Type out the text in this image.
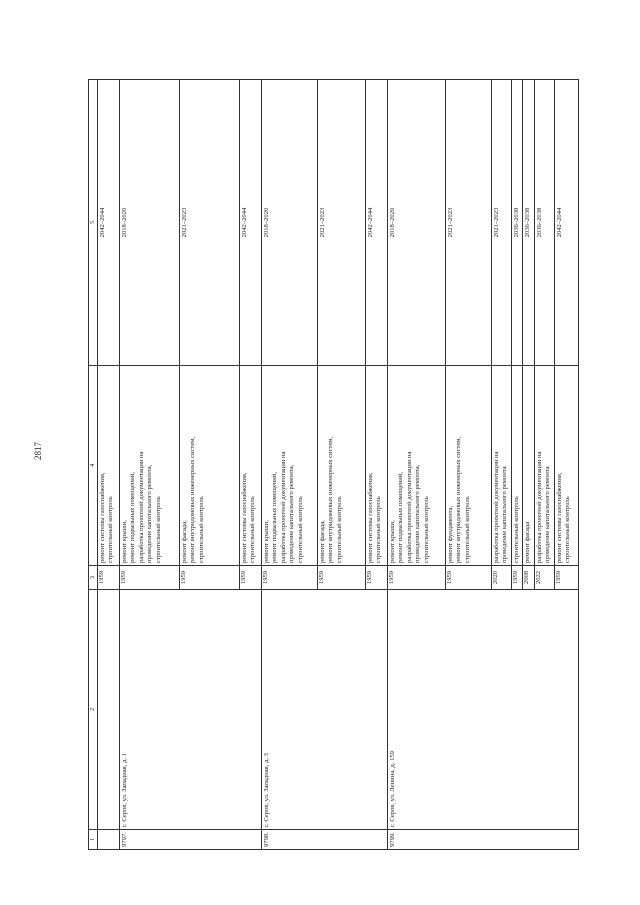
2817
1	2	3	4	5
		1959	ремонт системы газоснабжения, строительный контроль	2042–2044
9797.	г. Серов, ул. Западная, д. 1	1959	ремонт крыши, ремонт подвальных помещений, разработка проектной документации на проведение капитального ремонта, строительный контроль	2018–2020
		1959	ремонт фасада, ремонт внутридомовых инженерных систем, строительный контроль	2021–2023
		1959	ремонт системы газоснабжения, строительный контроль	2042–2044
9798.	г. Серов, ул. Западная, д. 3	1959	ремонт крыши, ремонт подвальных помещений, разработка проектной документации на проведение капитального ремонта, строительный контроль	2018–2020
		1959	ремонт фасада, ремонт внутридомовых инженерных систем, строительный контроль	2021–2023
		1959	ремонт системы газоснабжения, строительный контроль	2042–2044
9799.	г. Серов, ул. Ленина, д. 159	1959	ремонт крыши, ремонт подвальных помещений, разработка проектной документации на проведение капитального ремонта, строительный контроль	2018–2020
		1959	ремонт фундамента, ремонт внутридомовых инженерных систем, строительный контроль	2021–2023
		2020	разработка проектной документации на проведение капитального ремонта	2021–2023
		1959	строительный контроль	2036–2038
		2008	ремонт фасада	2036–2038
		2022	разработка проектной документации на проведение капитального ремонта	2036–2038
		1959	ремонт системы газоснабжения, строительный контроль	2042–2044
